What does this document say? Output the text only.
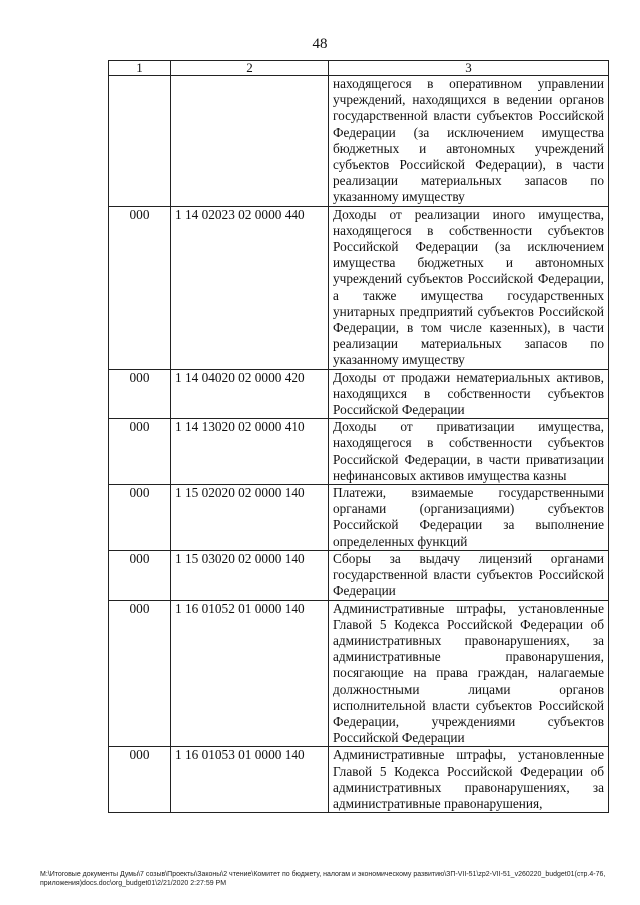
48
1	2	3
		находящегося в оперативном управлении учреждений, находящихся в ведении органов государственной власти субъектов Российской Федерации (за исключением имущества бюджетных и автономных учреждений субъектов Российской Федерации), в части реализации материальных запасов по указанному имуществу
000	1 14 02023 02 0000 440	Доходы от реализации иного имущества, находящегося в собственности субъектов Российской Федерации (за исключением имущества бюджетных и автономных учреждений субъектов Российской Федерации, а также имущества государственных унитарных предприятий субъектов Российской Федерации, в том числе казенных), в части реализации материальных запасов по указанному имуществу
000	1 14 04020 02 0000 420	Доходы от продажи нематериальных активов, находящихся в собственности субъектов Российской Федерации
000	1 14 13020 02 0000 410	Доходы от приватизации имущества, находящегося в собственности субъектов Российской Федерации, в части приватизации нефинансовых активов имущества казны
000	1 15 02020 02 0000 140	Платежи, взимаемые государственными органами (организациями) субъектов Российской Федерации за выполнение определенных функций
000	1 15 03020 02 0000 140	Сборы за выдачу лицензий органами государственной власти субъектов Российской Федерации
000	1 16 01052 01 0000 140	Административные штрафы, установленные Главой 5 Кодекса Российской Федерации об административных правонарушениях, за административные правонарушения, посягающие на права граждан, налагаемые должностными лицами органов исполнительной власти субъектов Российской Федерации, учреждениями субъектов Российской Федерации
000	1 16 01053 01 0000 140	Административные штрафы, установленные Главой 5 Кодекса Российской Федерации об административных правонарушениях, за административные правонарушения,
М:\Итоговые документы Думы\7 созыв\Проекты\Законы\2 чтение\Комитет по бюджету, налогам и экономическому развитию\ЗП-VII-51\zp2-VII-51_v260220_budget01(стр.4-76, приложения)docs.doc\org_budget01\2/21/2020 2:27:59 PM
